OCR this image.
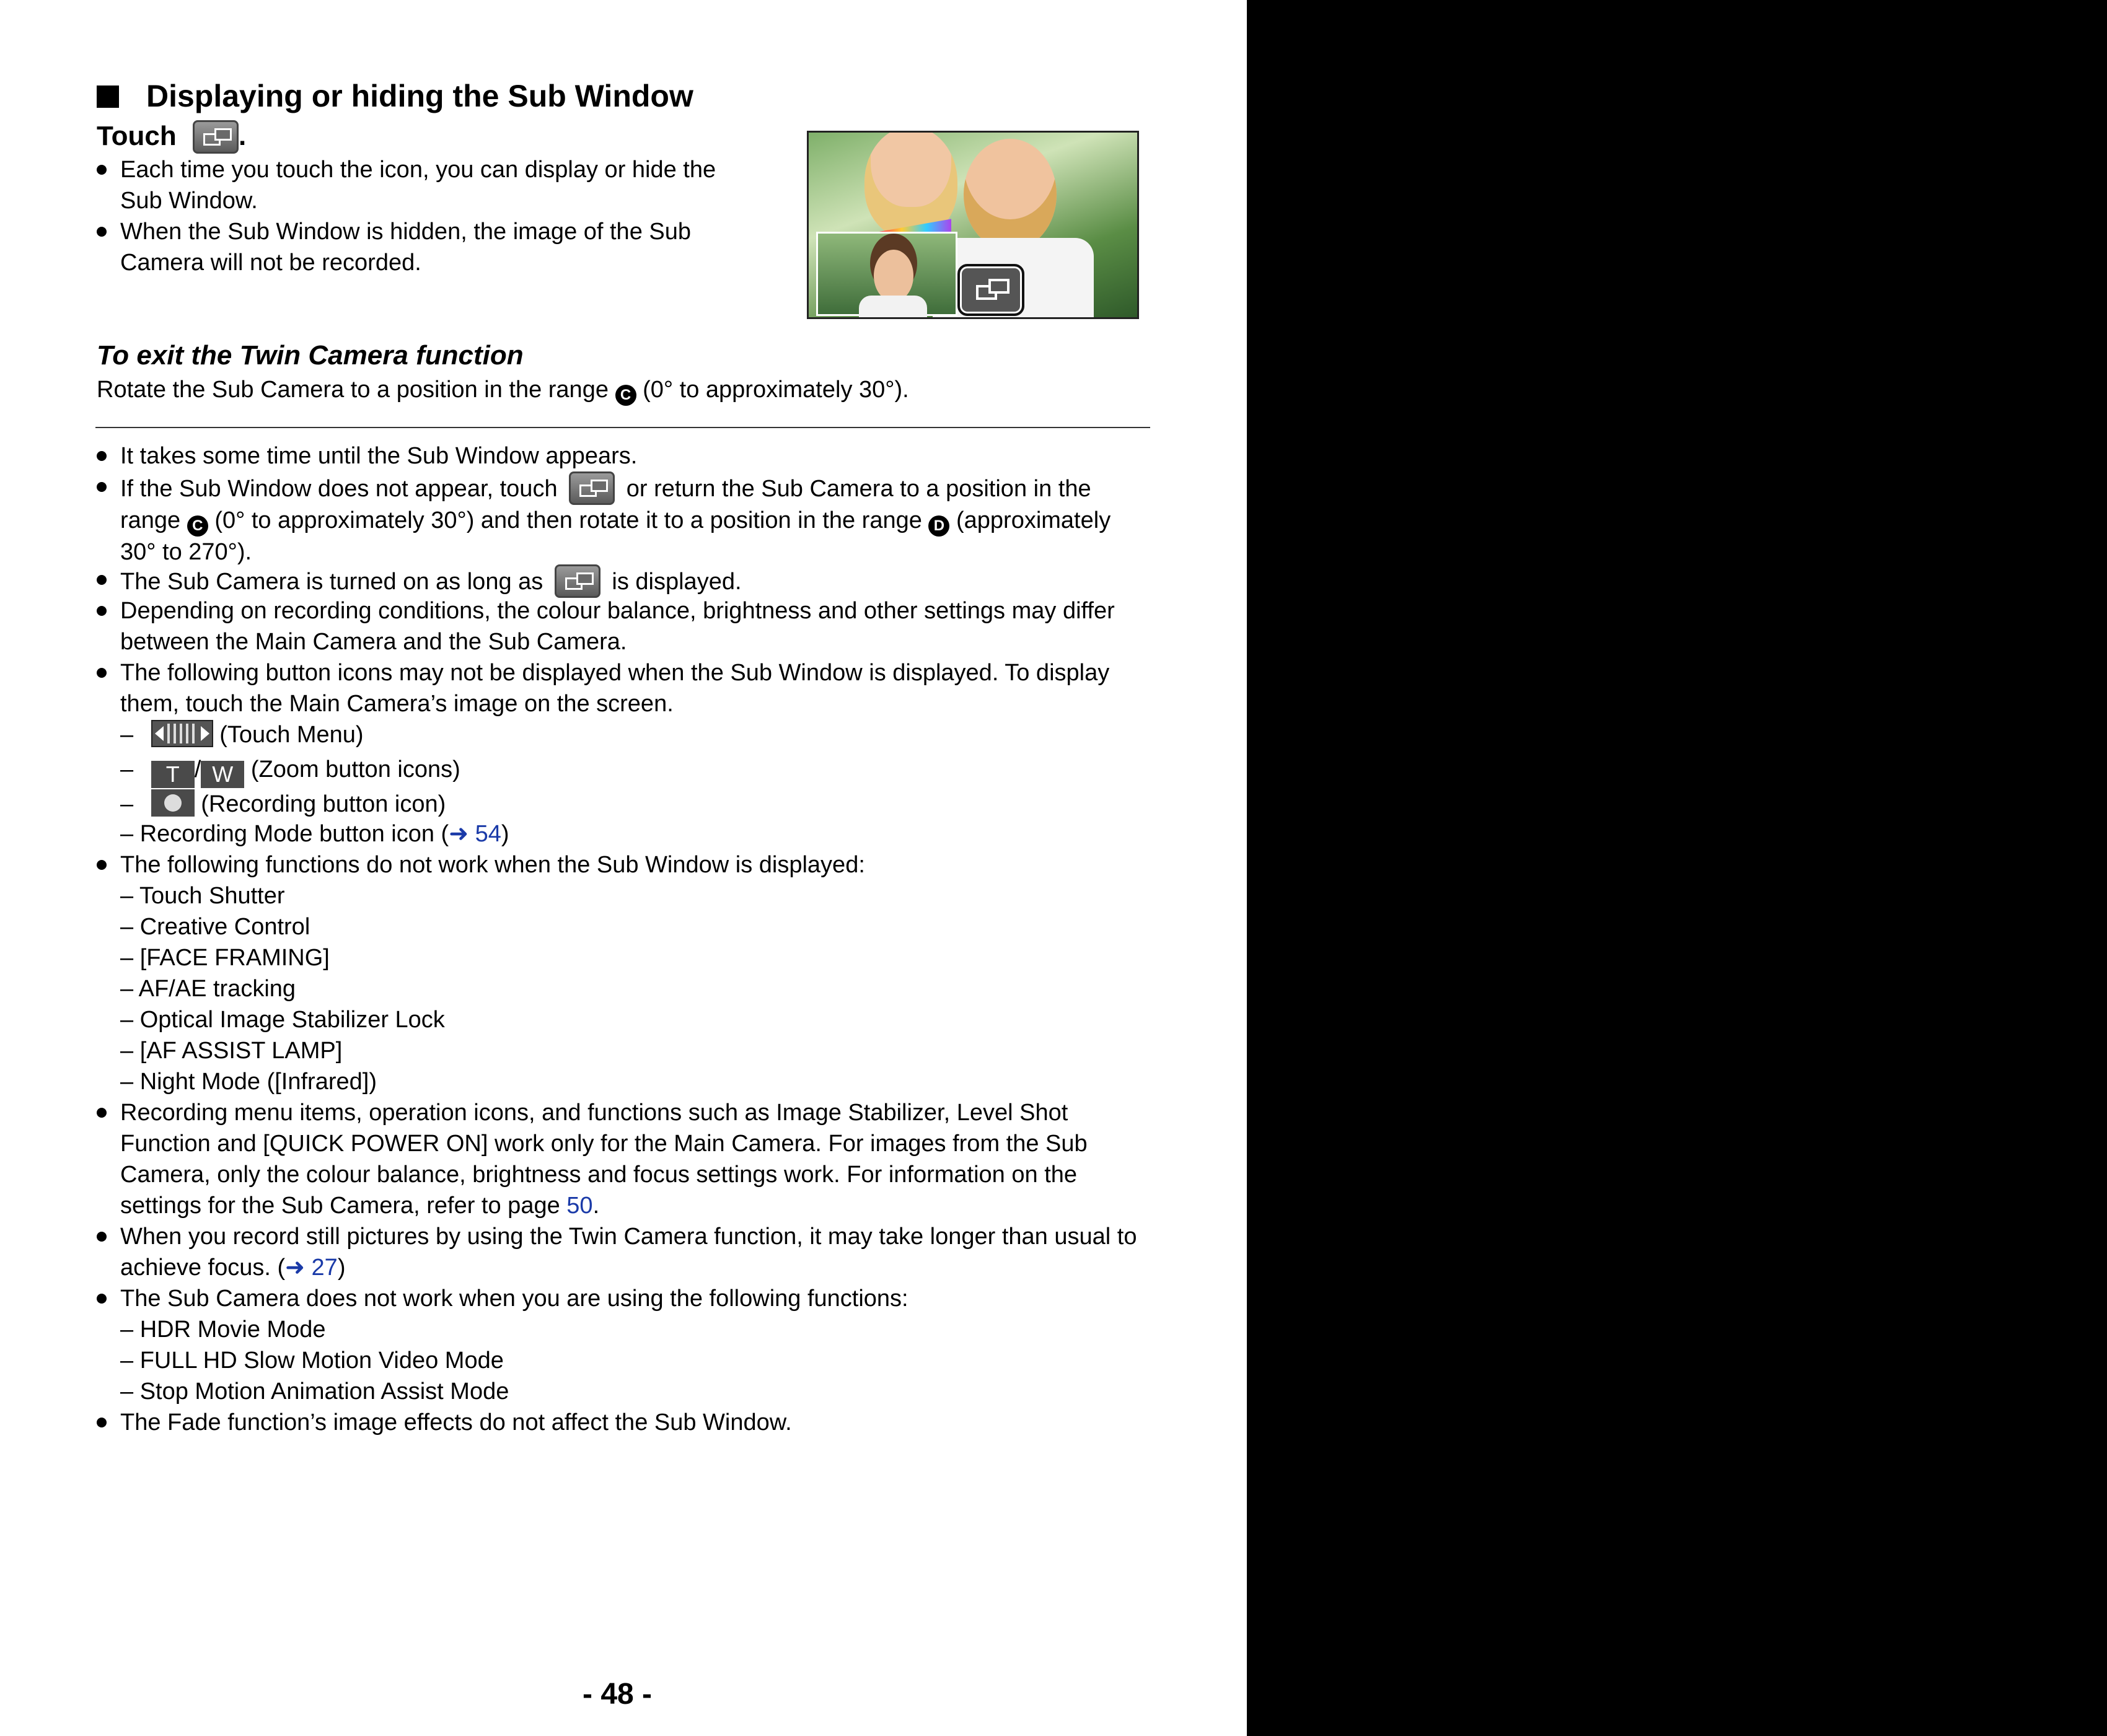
Displaying or hiding the Sub Window
Touch .
Each time you touch the icon, you can display or hide the
Sub Window.
When the Sub Window is hidden, the image of the Sub
Camera will not be recorded.
To exit the Twin Camera function
Rotate the Sub Camera to a position in the range C (0° to approximately 30°).
It takes some time until the Sub Window appears.
If the Sub Window does not appear, touch	or return the Sub Camera to a position in the
range C (0° to approximately 30°) and then rotate it to a position in the range D (approximately
30° to 270°).
The Sub Camera is turned on as long as	is displayed.
Depending on recording conditions, the colour balance, brightness and other settings may differ
between the Main Camera and the Sub Camera.
The following button icons may not be displayed when the Sub Window is displayed. To display
them, touch the Main Camera’s image on the screen.
–	(Touch Menu)
– T / W (Zoom button icons)
–	(Recording button icon)
– Recording Mode button icon (➜ 54)
The following functions do not work when the Sub Window is displayed:
– Touch Shutter
– Creative Control
– [FACE FRAMING]
– AF/AE tracking
– Optical Image Stabilizer Lock
– [AF ASSIST LAMP]
– Night Mode ([Infrared])
Recording menu items, operation icons, and functions such as Image Stabilizer, Level Shot
Function and [QUICK POWER ON] work only for the Main Camera. For images from the Sub
Camera, only the colour balance, brightness and focus settings work. For information on the
settings for the Sub Camera, refer to page 50.
When you record still pictures by using the Twin Camera function, it may take longer than usual to
achieve focus. (➜ 27)
The Sub Camera does not work when you are using the following functions:
– HDR Movie Mode
– FULL HD Slow Motion Video Mode
– Stop Motion Animation Assist Mode
The Fade function’s image effects do not affect the Sub Window.
- 48 -
